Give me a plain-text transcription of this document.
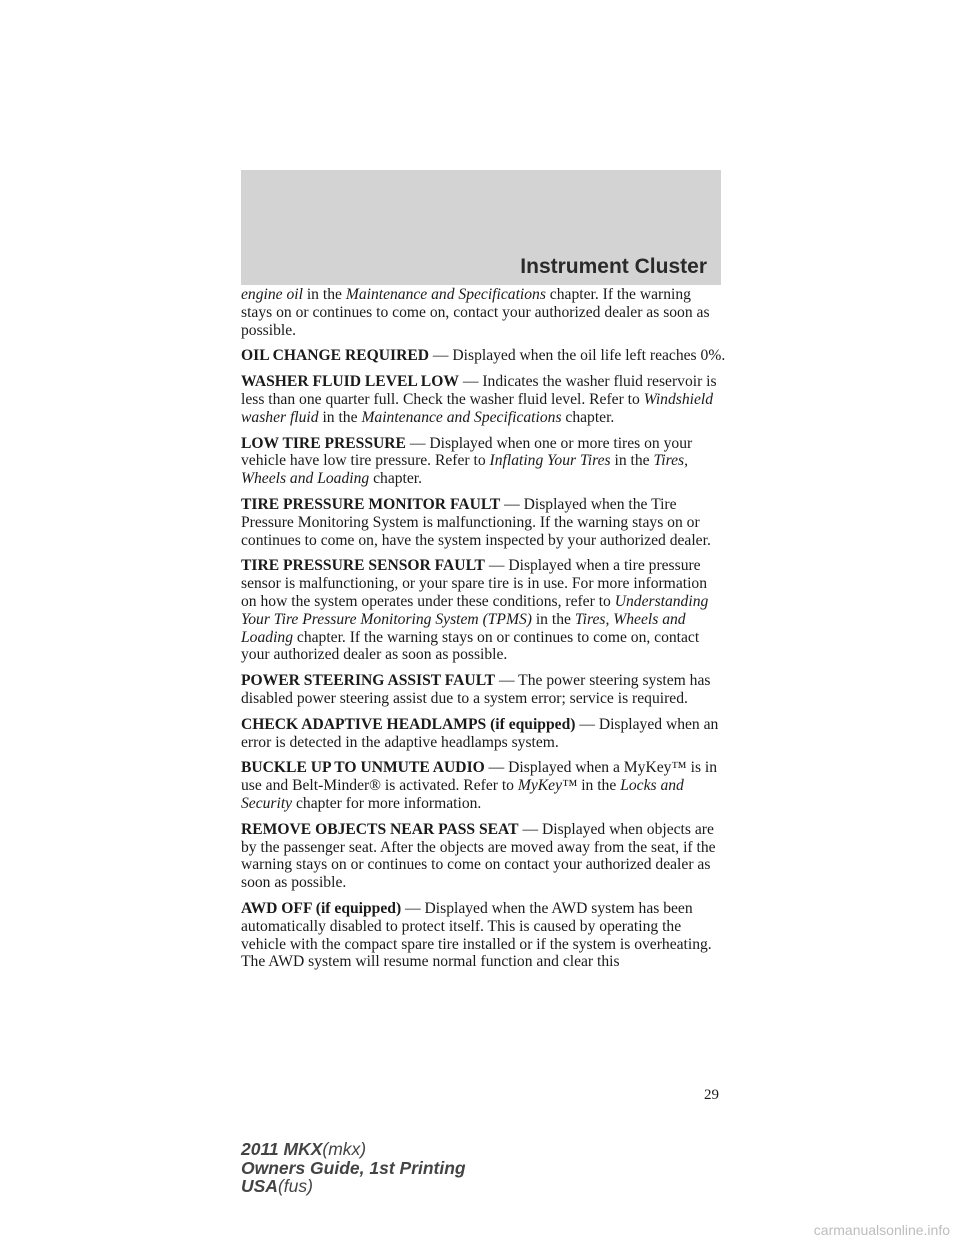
Instrument Cluster

engine oil in the Maintenance and Specifications chapter. If the warning stays on or continues to come on, contact your authorized dealer as soon as possible.

OIL CHANGE REQUIRED — Displayed when the oil life left reaches 0%.

WASHER FLUID LEVEL LOW — Indicates the washer fluid reservoir is less than one quarter full. Check the washer fluid level. Refer to Windshield washer fluid in the Maintenance and Specifications chapter.

LOW TIRE PRESSURE — Displayed when one or more tires on your vehicle have low tire pressure. Refer to Inflating Your Tires in the Tires, Wheels and Loading chapter.

TIRE PRESSURE MONITOR FAULT — Displayed when the Tire Pressure Monitoring System is malfunctioning. If the warning stays on or continues to come on, have the system inspected by your authorized dealer.

TIRE PRESSURE SENSOR FAULT — Displayed when a tire pressure sensor is malfunctioning, or your spare tire is in use. For more information on how the system operates under these conditions, refer to Understanding Your Tire Pressure Monitoring System (TPMS) in the Tires, Wheels and Loading chapter. If the warning stays on or continues to come on, contact your authorized dealer as soon as possible.

POWER STEERING ASSIST FAULT — The power steering system has disabled power steering assist due to a system error; service is required.

CHECK ADAPTIVE HEADLAMPS (if equipped) — Displayed when an error is detected in the adaptive headlamps system.

BUCKLE UP TO UNMUTE AUDIO — Displayed when a MyKey™ is in use and Belt-Minder® is activated. Refer to MyKey™ in the Locks and Security chapter for more information.

REMOVE OBJECTS NEAR PASS SEAT — Displayed when objects are by the passenger seat. After the objects are moved away from the seat, if the warning stays on or continues to come on contact your authorized dealer as soon as possible.

AWD OFF (if equipped) — Displayed when the AWD system has been automatically disabled to protect itself. This is caused by operating the vehicle with the compact spare tire installed or if the system is overheating. The AWD system will resume normal function and clear this

29
2011 MKX(mkx)
Owners Guide, 1st Printing
USA(fus)
carmanualsonline.info
